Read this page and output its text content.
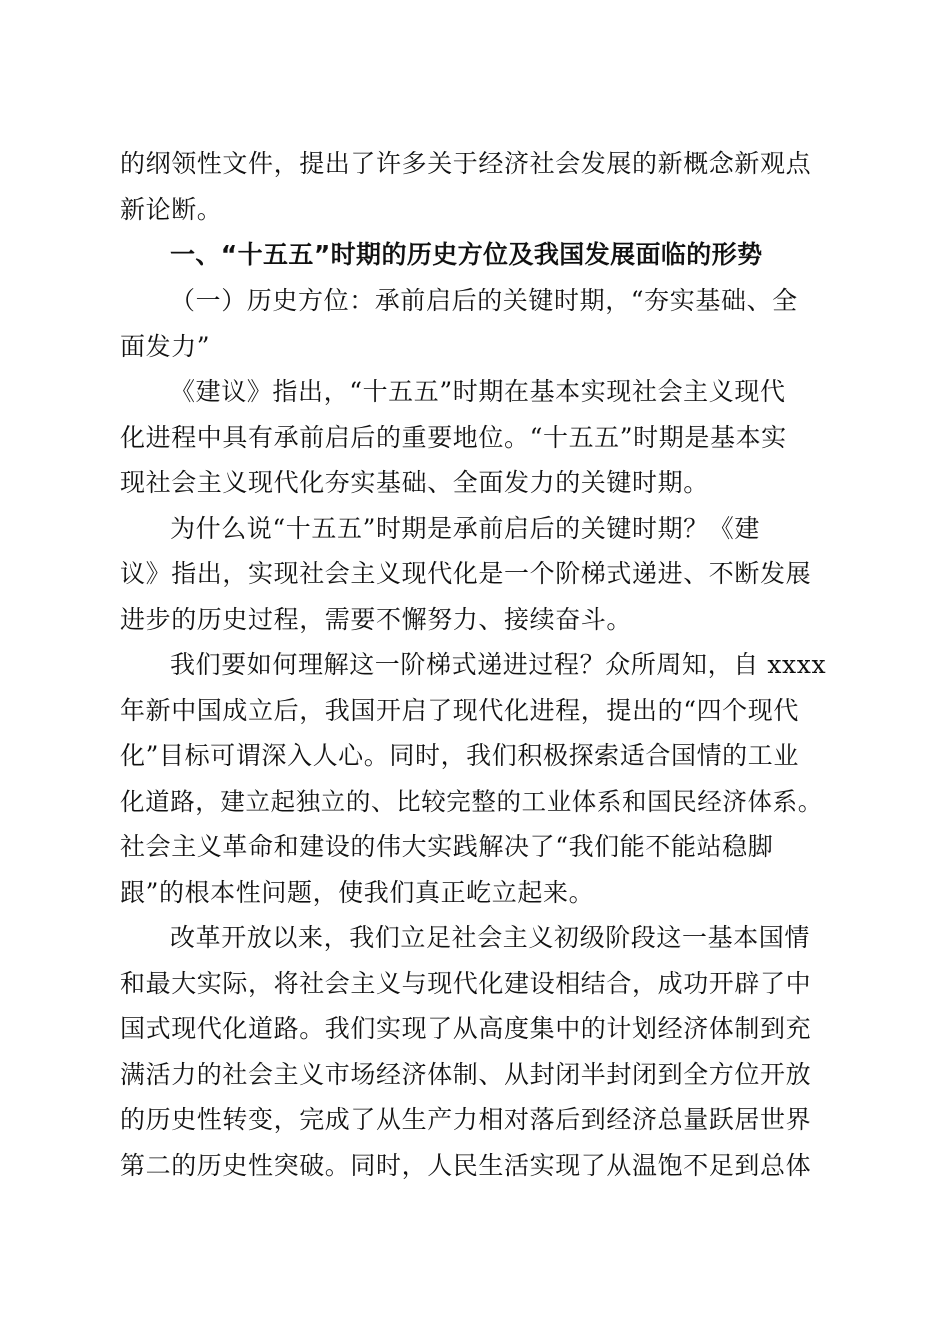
的纲领性文件，提出了许多关于经济社会发展的新概念新观点
新论断。
一、“十五五”时期的历史方位及我国发展面临的形势
（一）历史方位：承前启后的关键时期，“夯实基础、全
面发力”
《建议》指出，“十五五”时期在基本实现社会主义现代
化进程中具有承前启后的重要地位。“十五五”时期是基本实
现社会主义现代化夯实基础、全面发力的关键时期。
为什么说“十五五”时期是承前启后的关键时期？《建
议》指出，实现社会主义现代化是一个阶梯式递进、不断发展
进步的历史过程，需要不懈努力、接续奋斗。
我们要如何理解这一阶梯式递进过程？众所周知，自 xxxx
年新中国成立后，我国开启了现代化进程，提出的“四个现代
化”目标可谓深入人心。同时，我们积极探索适合国情的工业
化道路，建立起独立的、比较完整的工业体系和国民经济体系。
社会主义革命和建设的伟大实践解决了“我们能不能站稳脚
跟”的根本性问题，使我们真正屹立起来。
改革开放以来，我们立足社会主义初级阶段这一基本国情
和最大实际，将社会主义与现代化建设相结合，成功开辟了中
国式现代化道路。我们实现了从高度集中的计划经济体制到充
满活力的社会主义市场经济体制、从封闭半封闭到全方位开放
的历史性转变，完成了从生产力相对落后到经济总量跃居世界
第二的历史性突破。同时，人民生活实现了从温饱不足到总体
